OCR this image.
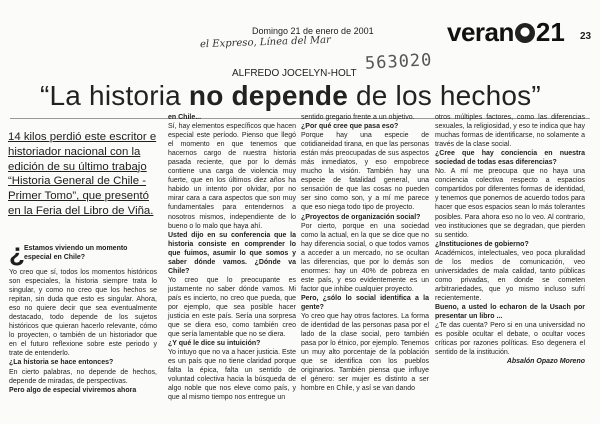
Domingo 21 de enero de 2001
el Expreso, Línea del Mar	veran 21 23
563020
ALFREDO JOCELYN-HOLT
“La historia no depende de los hechos”
14 kilos perdió este escritor e historiador nacional con la edición de su último trabajo “Historia General de Chile - Primer Tomo”, que presentó en la Feria del Libro de Viña.
¿ Estamos viviendo un momento especial en Chile?

Yo creo que sí, todos los momentos históricos son especiales, la historia siempre trata lo singular, y como no creo que los hechos se repitan, sin duda que esto es singular. Ahora, eso no quiere decir que sea eventualmente destacado, todo depende de los sujetos históricos que quieran hacerlo relevante, cómo lo proyecten, o también de un historiador que en el futuro reflexione sobre este periodo y trate de entenderlo.

¿La historia se hace entonces?

En cierto palabras, no depende de hechos, depende de miradas, de perspectivas.

Pero algo de especial viviremos ahora

en Chile...

Sí, hay elementos específicos que hacen especial este período. Pienso que llegó el momento en que tenemos que hacernos cargo de nuestra historia pasada reciente, que por lo demás contiene una carga de violencia muy fuerte, que en los últimos diez años ha habido un intento por olvidar, por no mirar cara a cara aspectos que son muy fundamentales para entendernos a nosotros mismos, independiente de lo bueno o lo malo que haya ahí.

Usted dijo en su conferencia que la historia consiste en comprender lo que fuimos, asumir lo que somos y saber dónde vamos. ¿Dónde va Chile?

Yo creo que lo preocupante es justamente no saber dónde vamos. Mi país es incierto, no creo que pueda, que por ejemplo, que sea posible hacer justicia en este país. Sería una sorpresa que se diera eso, como también creo que sería lamentable que no se diera.

¿Y qué le dice su intuición?

Yo intuyo que no va a hacer justicia. Este es un país que no tiene claridad porque falta la épica, falta un sentido de voluntad colectiva hacia la búsqueda de algo noble que nos eleve como país, y que al mismo tiempo nos entregue un

sentido gregario frente a un objetivo.

¿Por qué cree que pasa eso?

Porque hay una especie de cotidianeidad tirana, en que las personas están más preocupadas de sus aspectos más inmediatos, y eso empobrece mucho la visión. También hay una especie de fatalidad general, una sensación de que las cosas no pueden ser sino como son, y a mí me parece que eso niega todo tipo de proyecto.

¿Proyectos de organización social?

Por cierto, porque en una sociedad como la actual, en la que se dice que no hay diferencia social, o que todos vamos a acceder a un mercado, no se ocultan las diferencias, que por lo demás son enormes: hay un 40% de pobreza en este país, y eso evidentemente es un factor que inhibe cualquier proyecto.

Pero, ¿sólo lo social identifica a la gente?

Yo creo que hay otros factores. La forma de identidad de las personas pasa por el lado de la clase social, pero también pasa por lo étnico, por ejemplo. Tenemos un muy alto porcentaje de la población que se identifica con los pueblos originarios. También piensa que influye el género: ser mujer es distinto a ser hombre en Chile, y así se van dando

otros múltiples factores, como las diferencias sexuales, la religiosidad, y eso te indica que hay muchas formas de identificarse, no solamente a través de la clase social.

¿Cree que hay conciencia en nuestra sociedad de todas esas diferencias?

No. A mí me preocupa que no haya una conciencia colectiva respecto a espacios compartidos por diferentes formas de identidad, y tenemos que ponernos de acuerdo todos para hacer que esos espacios sean lo más tolerantes posibles. Para ahora eso no lo veo. Al contrario, veo instituciones que se degradan, que pierden su sentido.

¿Instituciones de gobierno?

Académicos, intelectuales, veo poca pluralidad de los medios de comunicación, veo universidades de mala calidad, tanto públicas como privadas, en donde se cometen arbitrariedades, que yo mismo incluso sufrí recientemente.

Bueno, a usted lo echaron de la Usach por presentar un libro ...

¿Te das cuenta? Pero si en una universidad no es posible ocultar el debate, o ocultar voces críticas por razones políticas. Eso degenera el sentido de la institución.

Absalón Opazo Moreno
